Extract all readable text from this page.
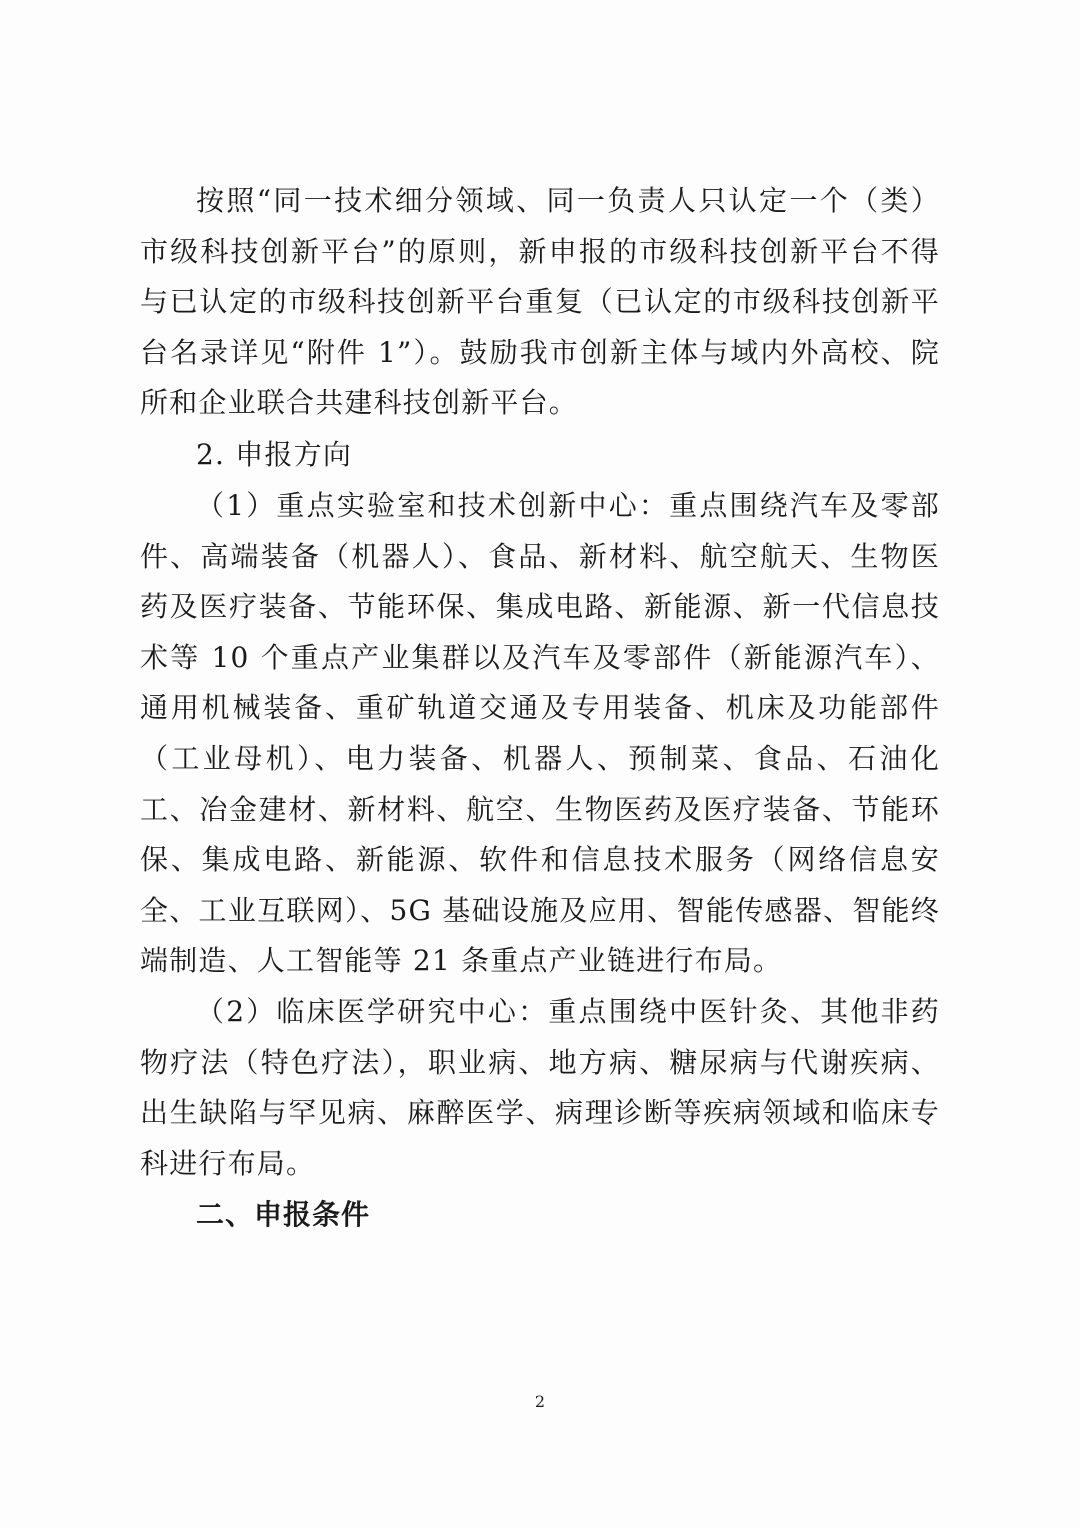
按照“同一技术细分领域、同一负责人只认定一个（类）市级科技创新平台”的原则，新申报的市级科技创新平台不得与已认定的市级科技创新平台重复（已认定的市级科技创新平台名录详见“附件 1”）。鼓励我市创新主体与域内外高校、院所和企业联合共建科技创新平台。

2. 申报方向

（1）重点实验室和技术创新中心：重点围绕汽车及零部件、高端装备（机器人）、食品、新材料、航空航天、生物医药及医疗装备、节能环保、集成电路、新能源、新一代信息技术等 10 个重点产业集群以及汽车及零部件（新能源汽车）、通用机械装备、重矿轨道交通及专用装备、机床及功能部件（工业母机）、电力装备、机器人、预制菜、食品、石油化工、冶金建材、新材料、航空、生物医药及医疗装备、节能环保、集成电路、新能源、软件和信息技术服务（网络信息安全、工业互联网）、5G 基础设施及应用、智能传感器、智能终端制造、人工智能等 21 条重点产业链进行布局。

（2）临床医学研究中心：重点围绕中医针灸、其他非药物疗法（特色疗法），职业病、地方病、糖尿病与代谢疾病、出生缺陷与罕见病、麻醉医学、病理诊断等疾病领域和临床专科进行布局。

二、申报条件
2
